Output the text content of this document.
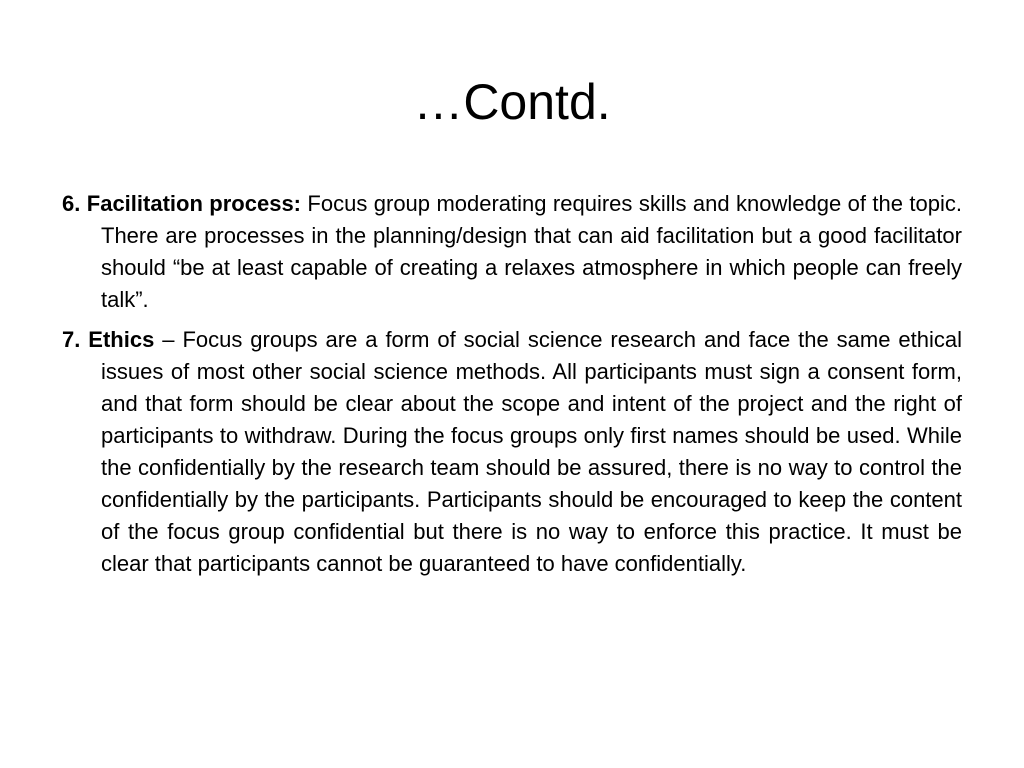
…Contd.

6. Facilitation process: Focus group moderating requires skills and knowledge of the topic. There are processes in the planning/design that can aid facilitation but a good facilitator should “be at least capable of creating a relaxes atmosphere in which people can freely talk”.

7. Ethics – Focus groups are a form of social science research and face the same ethical issues of most other social science methods. All participants must sign a consent form, and that form should be clear about the scope and intent of the project and the right of participants to withdraw. During the focus groups only first names should be used. While the confidentially by the research team should be assured, there is no way to control the confidentially by the participants. Participants should be encouraged to keep the content of the focus group confidential but there is no way to enforce this practice. It must be clear that participants cannot be guaranteed to have confidentially.
